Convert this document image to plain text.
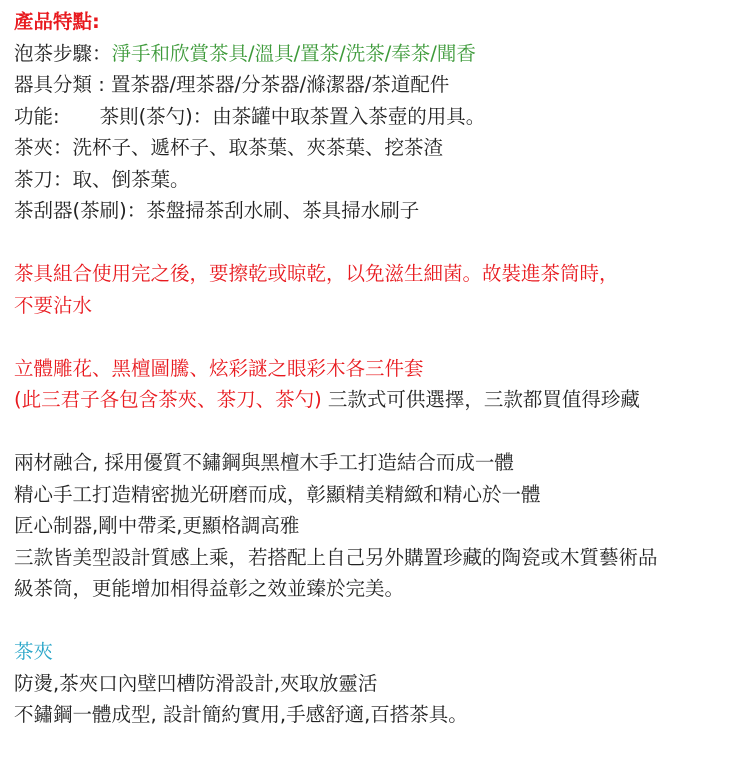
產品特點:
泡茶步驟：淨手和欣賞茶具/溫具/置茶/洗茶/奉茶/聞香
器具分類 : 置茶器/理茶器/分茶器/滌潔器/茶道配件
功能: 茶則(茶勺)：由茶罐中取茶置入茶壺的用具。
茶夾：洗杯子、遞杯子、取茶葉、夾茶葉、挖茶渣
茶刀：取、倒茶葉。
茶刮器(茶刷)：茶盤掃茶刮水刷、茶具掃水刷子
茶具組合使用完之後，要擦乾或晾乾，以免滋生細菌。故裝進茶筒時，
不要沾水
立體雕花、黑檀圖騰、炫彩謎之眼彩木各三件套
(此三君子各包含茶夾、茶刀、茶勺) 三款式可供選擇，三款都買值得珍藏
兩材融合, 採用優質不鏽鋼與黑檀木手工打造結合而成一體
精心手工打造精密拋光研磨而成，彰顯精美精緻和精心於一體
匠心制器,剛中帶柔,更顯格調高雅
三款皆美型設計質感上乘，若搭配上自己另外購置珍藏的陶瓷或木質藝術品
級茶筒，更能增加相得益彰之效並臻於完美。
茶夾
防燙,茶夾口內壁凹槽防滑設計,夾取放靈活
不鏽鋼一體成型, 設計簡約實用,手感舒適,百搭茶具。
